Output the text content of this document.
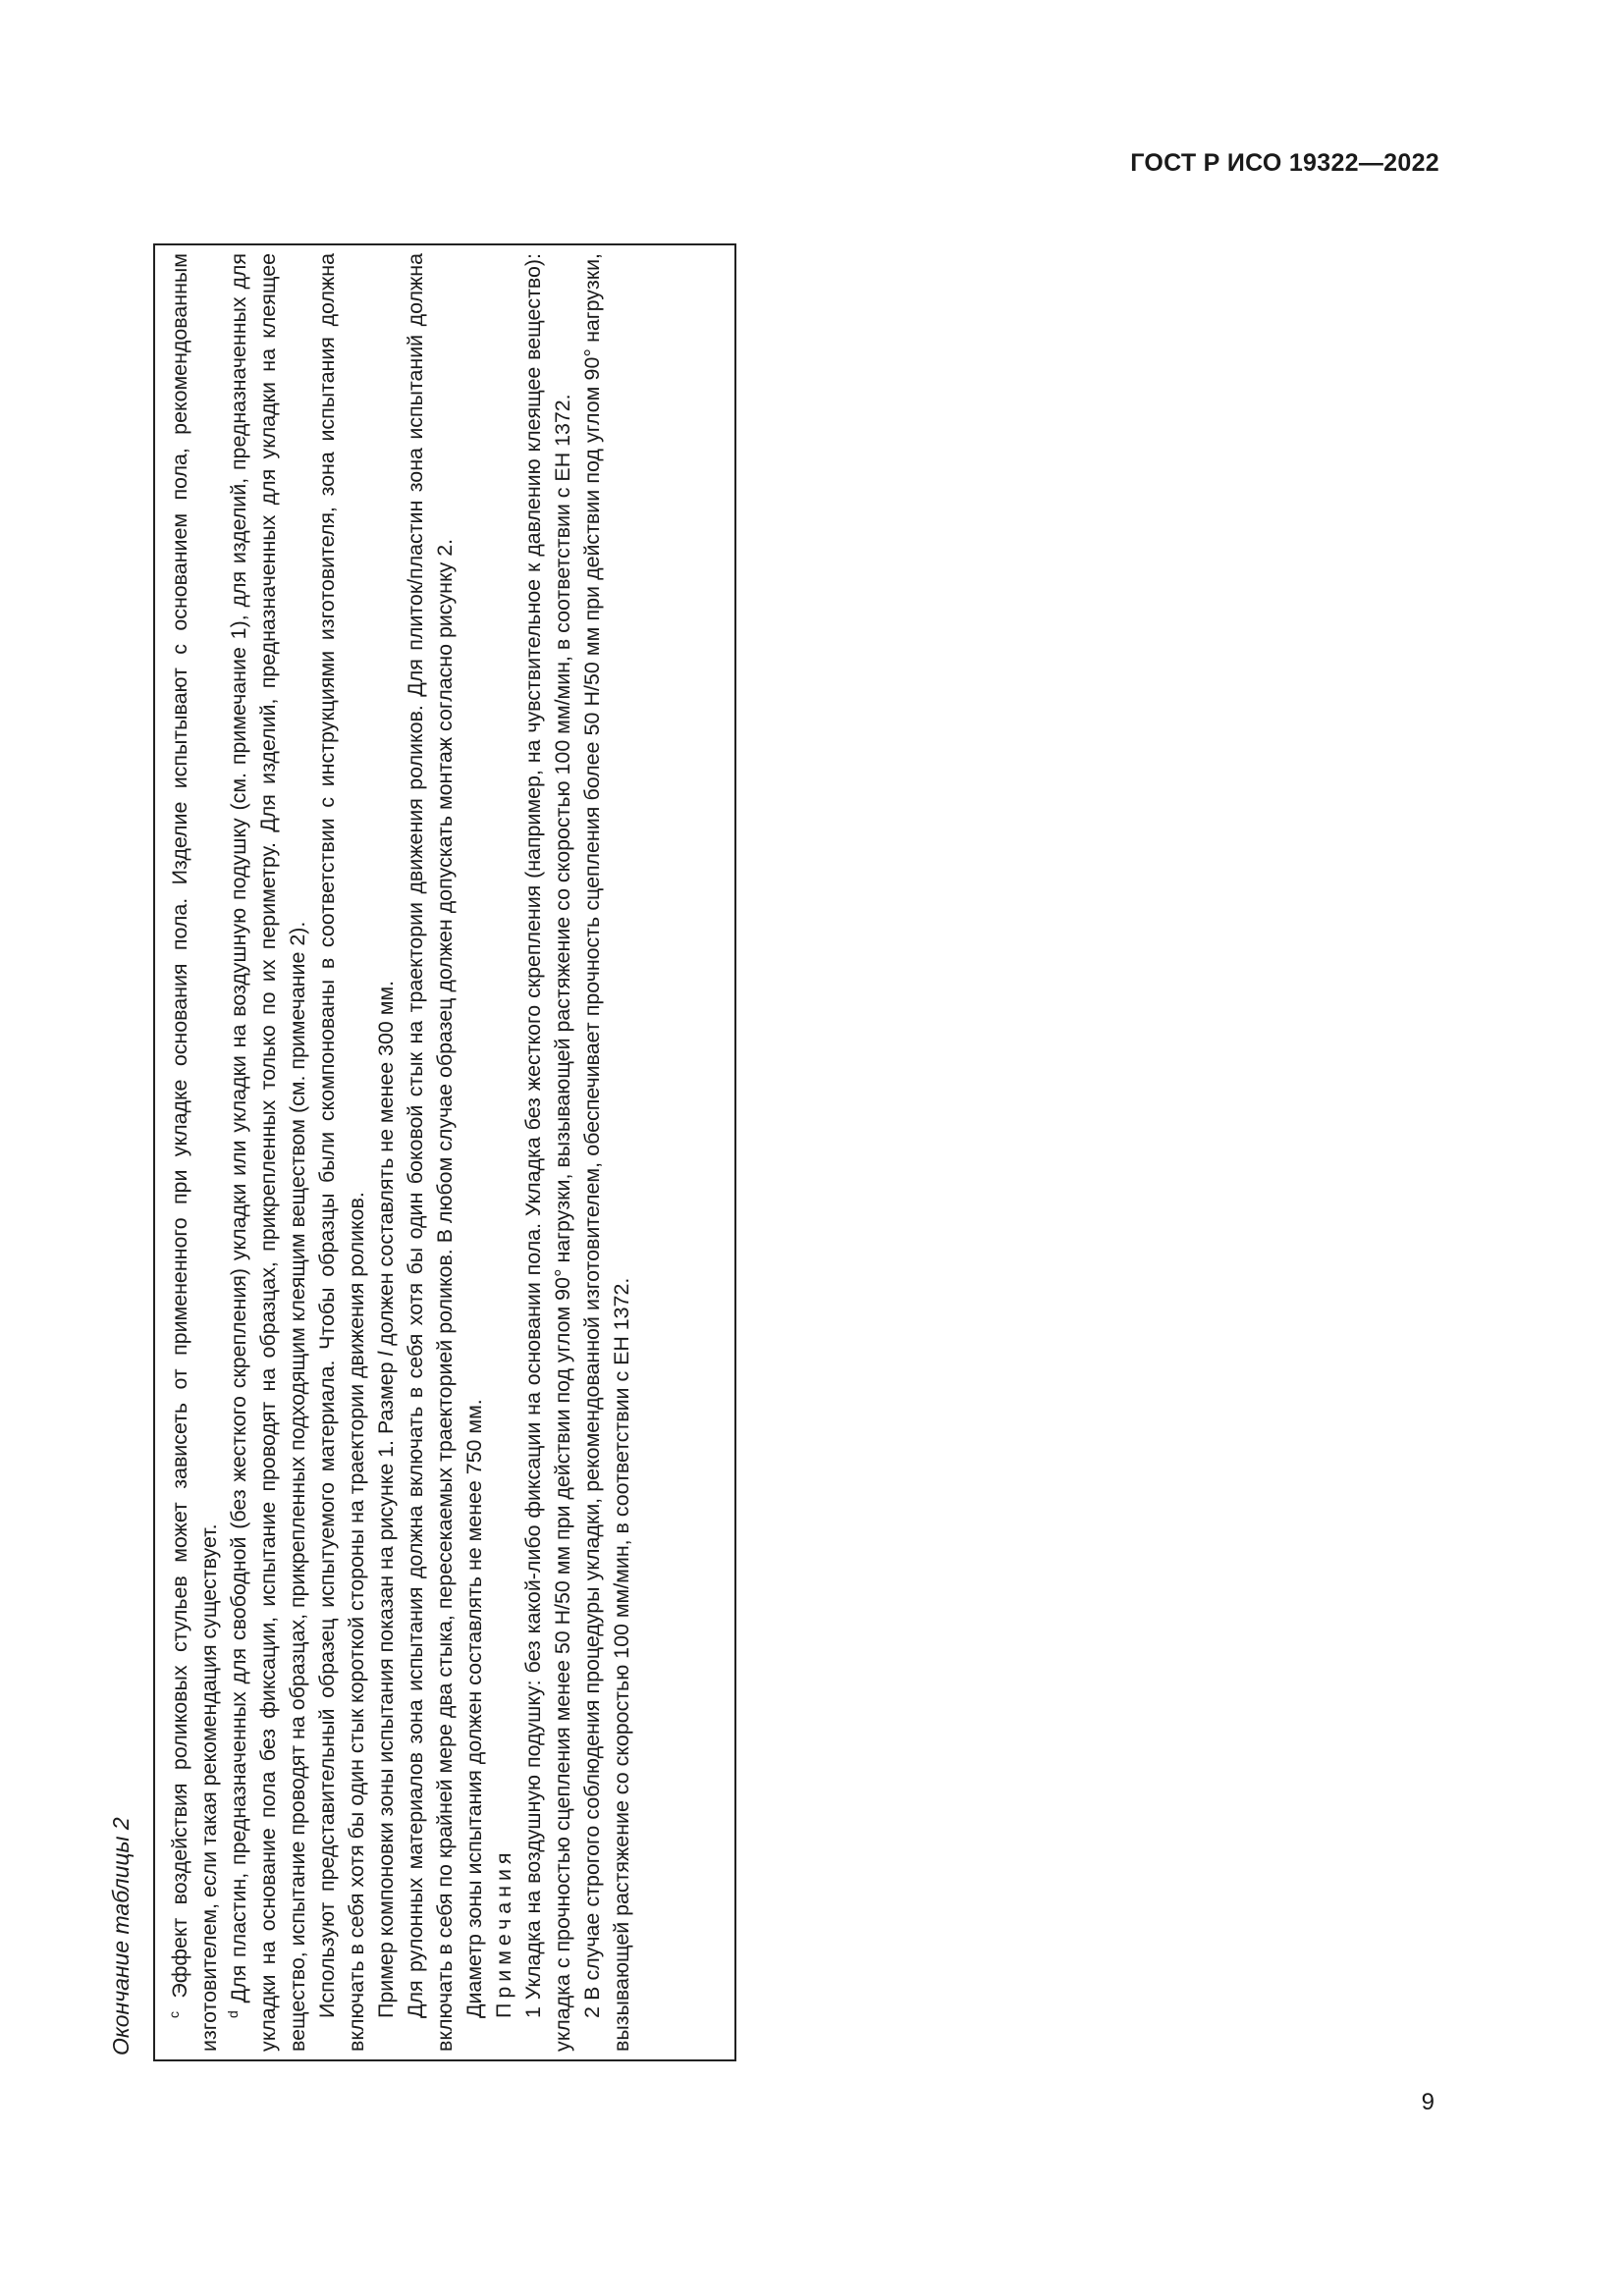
ГОСТ Р ИСО 19322—2022
Окончание таблицы 2 $^c$ Эффект воздействия роликовых стульев может зависеть от примененного при укладке основания пола. Изделие испытывают с основанием пола, рекомендованным изготовителем, если такая рекомендация существует. $^d$ Для пластин, предназначенных для свободной (без жесткого скрепления) укладки или укладки на воздушную подушку (см. примечание 1), для изделий, предназначенных для укладки на основание пола без фиксации, испытание проводят на образцах, прикрепленных только по их периметру. Для изделий, предназначенных для укладки на клеящее вещество, испытание проводят на образцах, прикрепленных подходящим клеящим веществом (см. примечание 2). Используют представительный образец испытуемого материала. Чтобы образцы были скомпонованы в соответствии с инструкциями изготовителя, зона испытания должна включать в себя хотя бы один стык короткой стороны на траектории движения роликов. Пример компоновки зоны испытания показан на рисунке 1. Размер l должен составлять не менее 300 мм. Для рулонных материалов зона испытания должна включать в себя хотя бы один боковой стык на траектории движения роликов. Для плиток/пластин зона испытаний должна включать в себя по крайней мере два стыка, пересекаемых траекторией роликов. В любом случае образец должен допускать монтаж согласно рисунку 2. Диаметр зоны испытания должен составлять не менее 750 мм. Примечания 1 Укладка на воздушную подушку: без какой-либо фиксации на основании пола. Укладка без жесткого скрепления (например, на чувствительное к давлению клеящее вещество): укладка с прочностью сцепления менее 50 Н/50 мм при действии под углом 90° нагрузки, вызывающей растяжение со скоростью 100 мм/мин, в соответствии с ЕН 1372. 2 В случае строгого соблюдения процедуры укладки, рекомендованной изготовителем, обеспечивает прочность сцепления более 50 Н/50 мм при действии под углом 90° нагрузки, вызывающей растяжение со скоростью 100 мм/мин, в соответствии с ЕН 1372.

9
